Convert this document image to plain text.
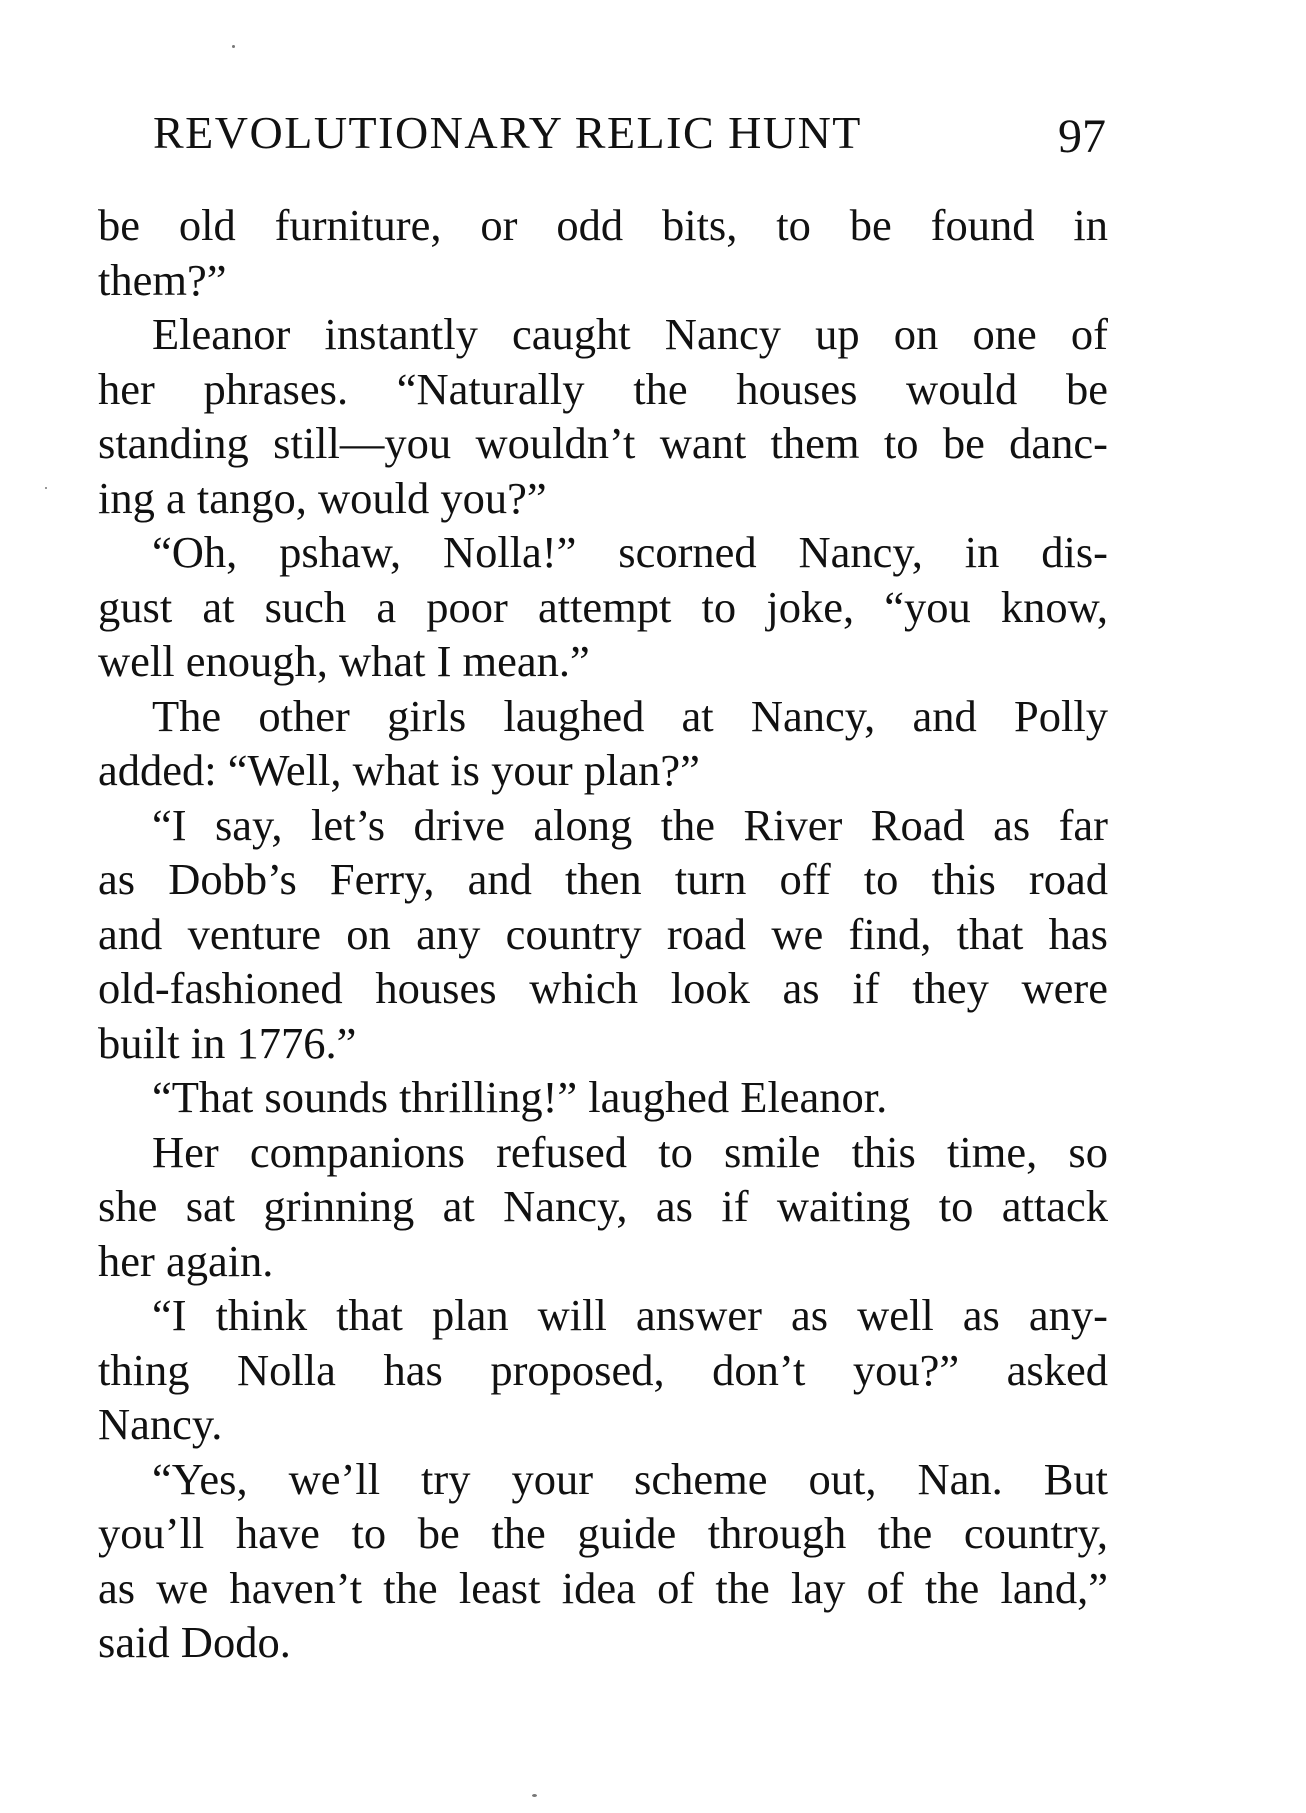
REVOLUTIONARY RELIC HUNT	97
be old furniture, or odd bits, to be found in
them?”
Eleanor instantly caught Nancy up on one of
her phrases. “Naturally the houses would be
standing still—you wouldn’t want them to be danc-
ing a tango, would you?”
“Oh, pshaw, Nolla!” scorned Nancy, in dis-
gust at such a poor attempt to joke, “you know,
well enough, what I mean.”
The other girls laughed at Nancy, and Polly
added: “Well, what is your plan?”
“I say, let’s drive along the River Road as far
as Dobb’s Ferry, and then turn off to this road
and venture on any country road we find, that has
old-fashioned houses which look as if they were
built in 1776.”
“That sounds thrilling!” laughed Eleanor.
Her companions refused to smile this time, so
she sat grinning at Nancy, as if waiting to attack
her again.
“I think that plan will answer as well as any-
thing Nolla has proposed, don’t you?” asked
Nancy.
“Yes, we’ll try your scheme out, Nan. But
you’ll have to be the guide through the country,
as we haven’t the least idea of the lay of the land,”
said Dodo.
